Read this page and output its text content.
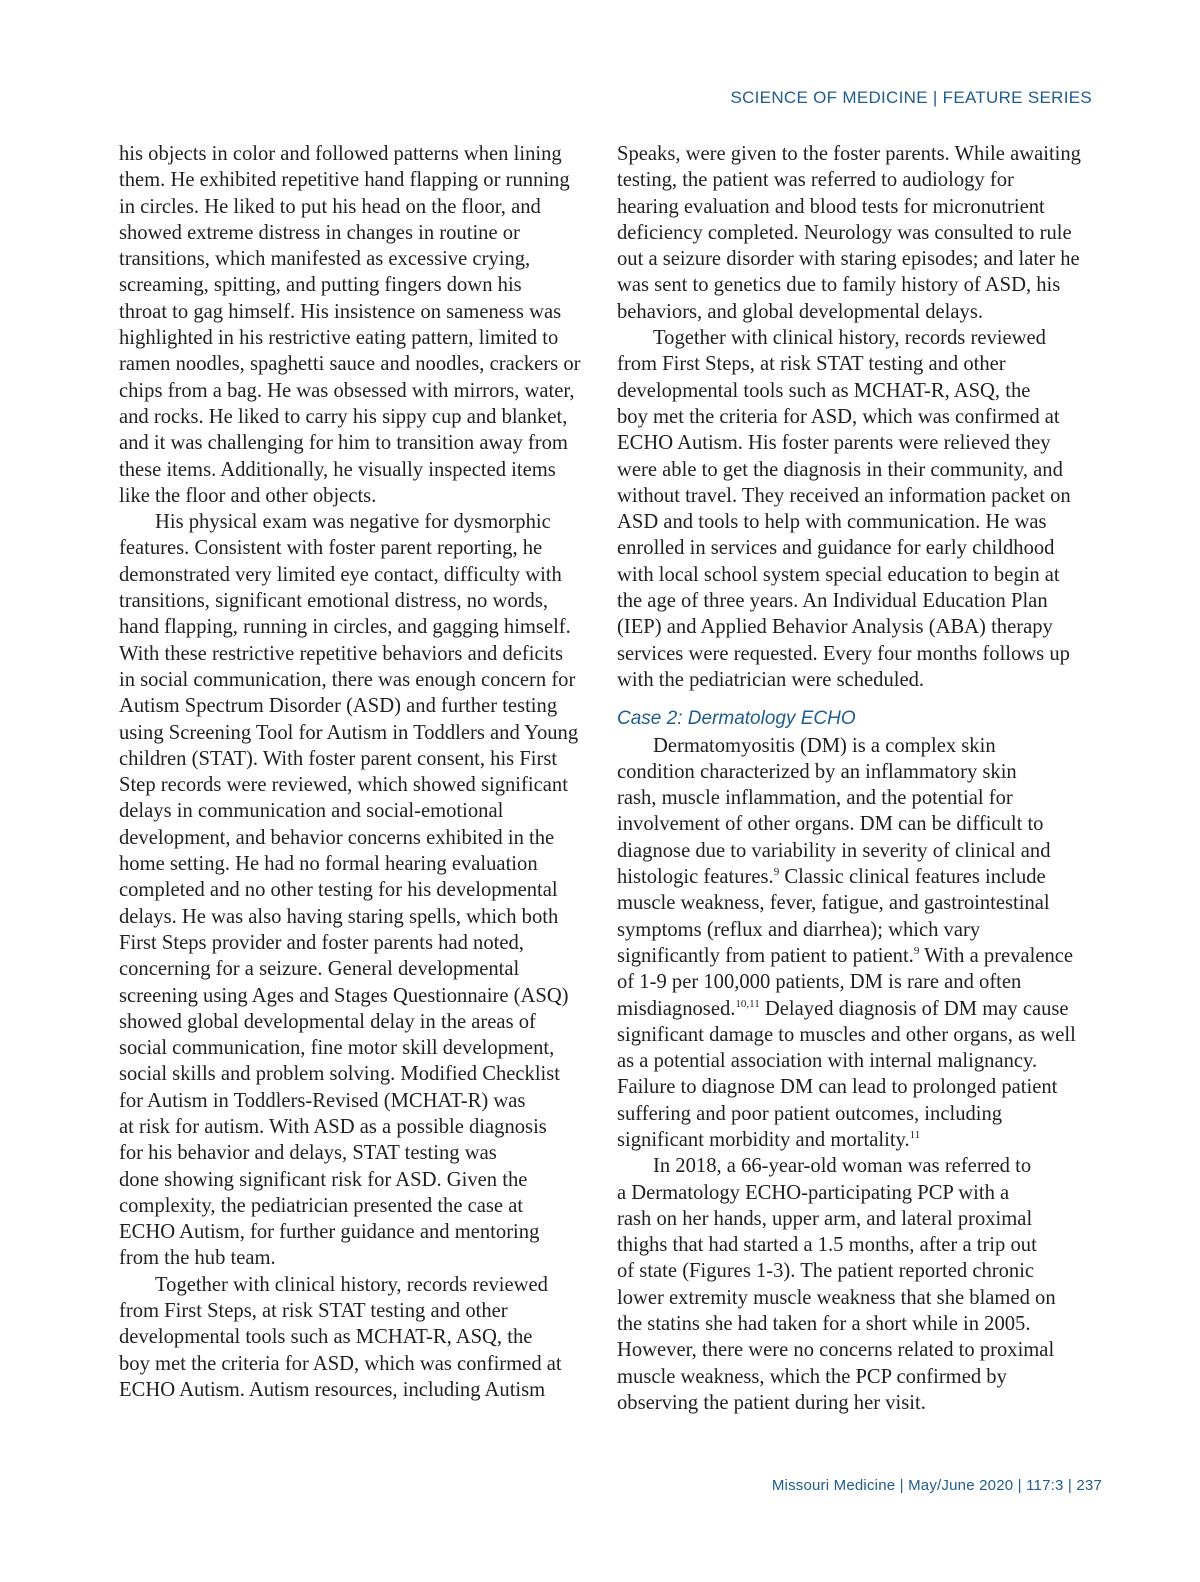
SCIENCE OF MEDICINE | FEATURE SERIES
his objects in color and followed patterns when lining
them. He exhibited repetitive hand flapping or running
in circles. He liked to put his head on the floor, and
showed extreme distress in changes in routine or
transitions, which manifested as excessive crying,
screaming, spitting, and putting fingers down his
throat to gag himself. His insistence on sameness was
highlighted in his restrictive eating pattern, limited to
ramen noodles, spaghetti sauce and noodles, crackers or
chips from a bag. He was obsessed with mirrors, water,
and rocks. He liked to carry his sippy cup and blanket,
and it was challenging for him to transition away from
these items. Additionally, he visually inspected items
like the floor and other objects.
His physical exam was negative for dysmorphic
features. Consistent with foster parent reporting, he
demonstrated very limited eye contact, difficulty with
transitions, significant emotional distress, no words,
hand flapping, running in circles, and gagging himself.
With these restrictive repetitive behaviors and deficits
in social communication, there was enough concern for
Autism Spectrum Disorder (ASD) and further testing
using Screening Tool for Autism in Toddlers and Young
children (STAT). With foster parent consent, his First
Step records were reviewed, which showed significant
delays in communication and social-emotional
development, and behavior concerns exhibited in the
home setting. He had no formal hearing evaluation
completed and no other testing for his developmental
delays. He was also having staring spells, which both
First Steps provider and foster parents had noted,
concerning for a seizure. General developmental
screening using Ages and Stages Questionnaire (ASQ)
showed global developmental delay in the areas of
social communication, fine motor skill development,
social skills and problem solving. Modified Checklist
for Autism in Toddlers-Revised (MCHAT-R) was
at risk for autism. With ASD as a possible diagnosis
for his behavior and delays, STAT testing was
done showing significant risk for ASD. Given the
complexity, the pediatrician presented the case at
ECHO Autism, for further guidance and mentoring
from the hub team.
Together with clinical history, records reviewed
from First Steps, at risk STAT testing and other
developmental tools such as MCHAT-R, ASQ, the
boy met the criteria for ASD, which was confirmed at
ECHO Autism. Autism resources, including Autism
Speaks, were given to the foster parents. While awaiting
testing, the patient was referred to audiology for
hearing evaluation and blood tests for micronutrient
deficiency completed. Neurology was consulted to rule
out a seizure disorder with staring episodes; and later he
was sent to genetics due to family history of ASD, his
behaviors, and global developmental delays.
Together with clinical history, records reviewed
from First Steps, at risk STAT testing and other
developmental tools such as MCHAT-R, ASQ, the
boy met the criteria for ASD, which was confirmed at
ECHO Autism. His foster parents were relieved they
were able to get the diagnosis in their community, and
without travel. They received an information packet on
ASD and tools to help with communication. He was
enrolled in services and guidance for early childhood
with local school system special education to begin at
the age of three years. An Individual Education Plan
(IEP) and Applied Behavior Analysis (ABA) therapy
services were requested. Every four months follows up
with the pediatrician were scheduled.
Case 2: Dermatology ECHO
Dermatomyositis (DM) is a complex skin
condition characterized by an inflammatory skin
rash, muscle inflammation, and the potential for
involvement of other organs. DM can be difficult to
diagnose due to variability in severity of clinical and
histologic features.$^9$ Classic clinical features include
muscle weakness, fever, fatigue, and gastrointestinal
symptoms (reflux and diarrhea); which vary
significantly from patient to patient.$^9$ With a prevalence
of 1-9 per 100,000 patients, DM is rare and often
misdiagnosed.$^{10,11}$ Delayed diagnosis of DM may cause
significant damage to muscles and other organs, as well
as a potential association with internal malignancy.
Failure to diagnose DM can lead to prolonged patient
suffering and poor patient outcomes, including
significant morbidity and mortality.$^{11}$
In 2018, a 66-year-old woman was referred to
a Dermatology ECHO-participating PCP with a
rash on her hands, upper arm, and lateral proximal
thighs that had started a 1.5 months, after a trip out
of state (Figures 1-3). The patient reported chronic
lower extremity muscle weakness that she blamed on
the statins she had taken for a short while in 2005.
However, there were no concerns related to proximal
muscle weakness, which the PCP confirmed by
observing the patient during her visit.
Missouri Medicine | May/June 2020 | 117:3 | 237
